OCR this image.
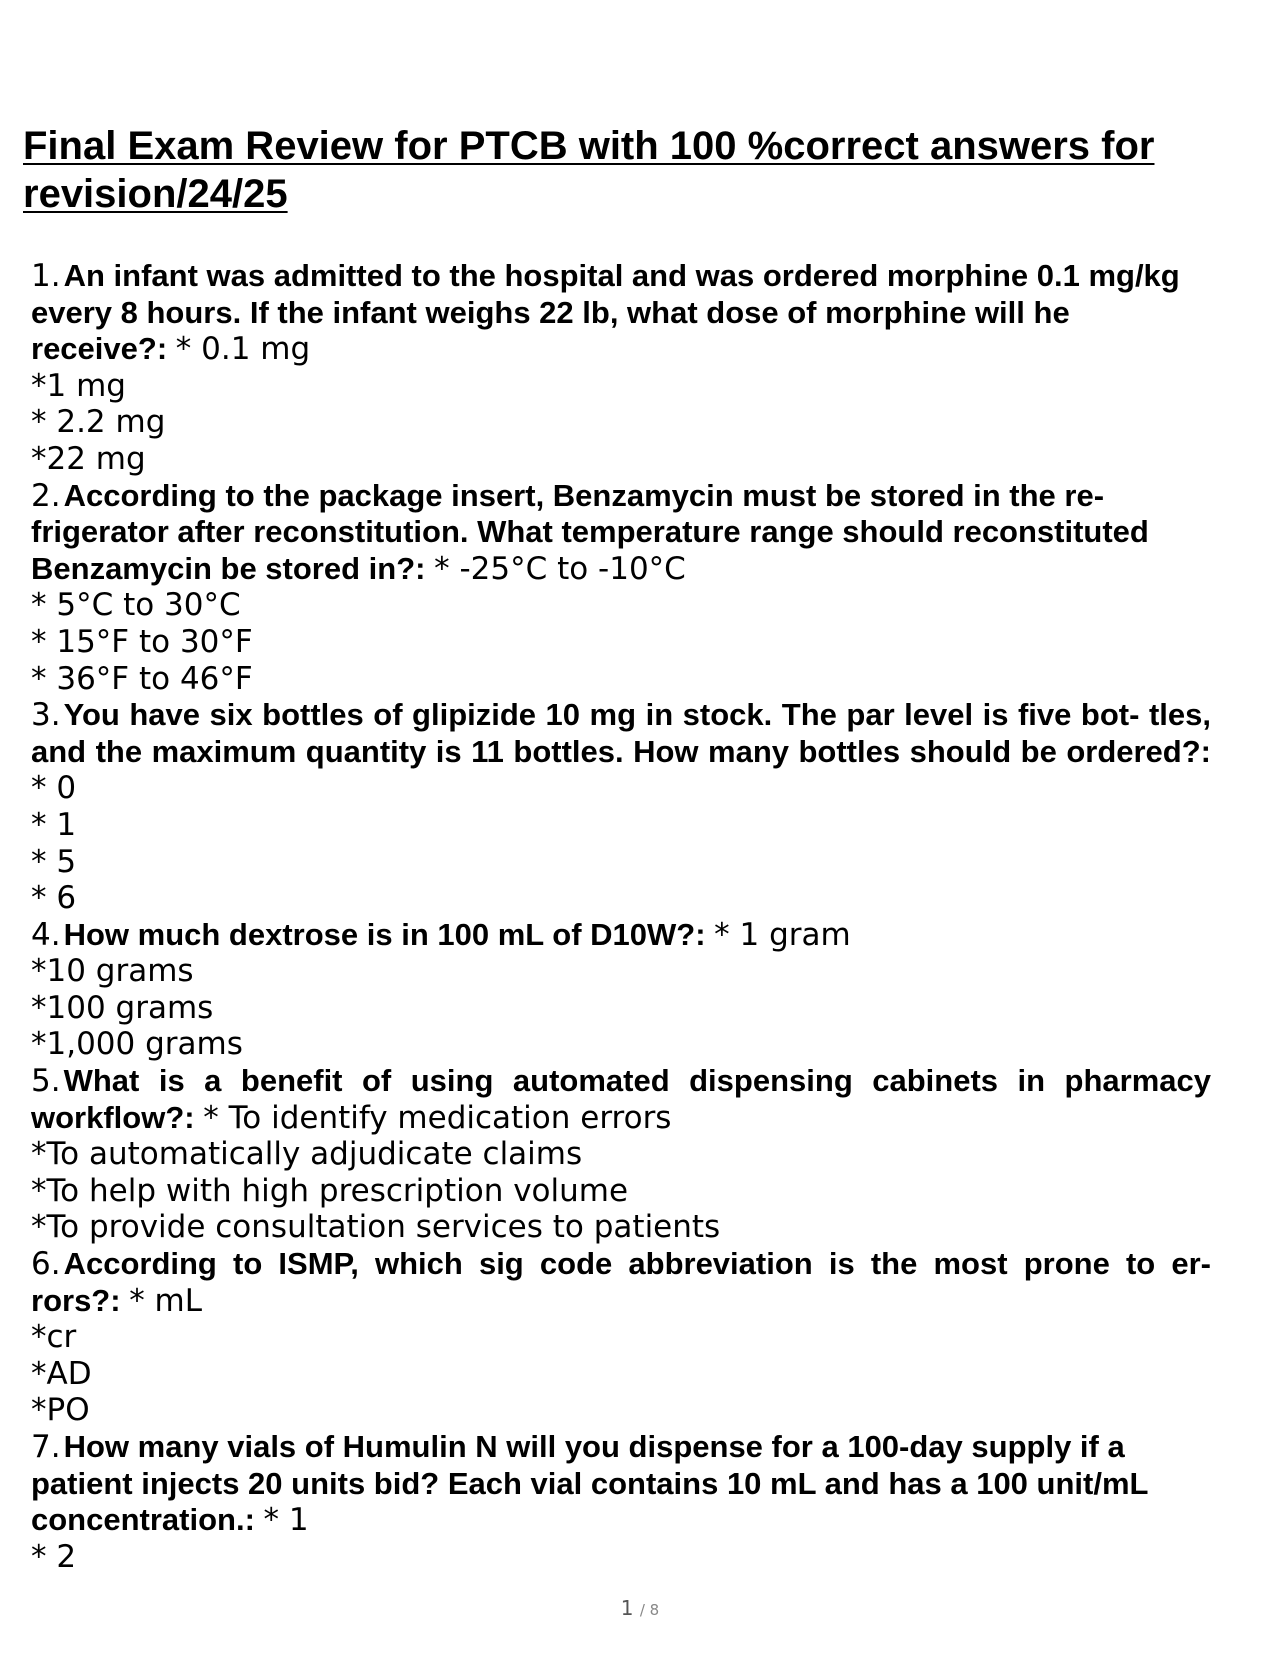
Final Exam Review for PTCB with 100 %correct answers for revision/24/25
1.An infant was admitted to the hospital and was ordered morphine 0.1 mg/kg every 8 hours. If the infant weighs 22 lb, what dose of morphine will he receive?: * 0.1 mg
*1 mg
* 2.2 mg
*22 mg
2.According to the package insert, Benzamycin must be stored in the re- frigerator after reconstitution. What temperature range should reconstituted Benzamycin be stored in?: * -25°C to -10°C
* 5°C to 30°C
* 15°F to 30°F
* 36°F to 46°F
3.You have six bottles of glipizide 10 mg in stock. The par level is five bot- tles, and the maximum quantity is 11 bottles. How many bottles should be ordered?: * 0
* 1
* 5
* 6
4.How much dextrose is in 100 mL of D10W?: * 1 gram
*10 grams
*100 grams
*1,000 grams
5.What is a benefit of using automated dispensing cabinets in pharmacy workflow?: * To identify medication errors
*To automatically adjudicate claims
*To help with high prescription volume
*To provide consultation services to patients
6.According to ISMP, which sig code abbreviation is the most prone to er- rors?: * mL
*cr
*AD
*PO
7.How many vials of Humulin N will you dispense for a 100-day supply if a patient injects 20 units bid? Each vial contains 10 mL and has a 100 unit/mL concentration.: * 1
* 2
1 / 8
